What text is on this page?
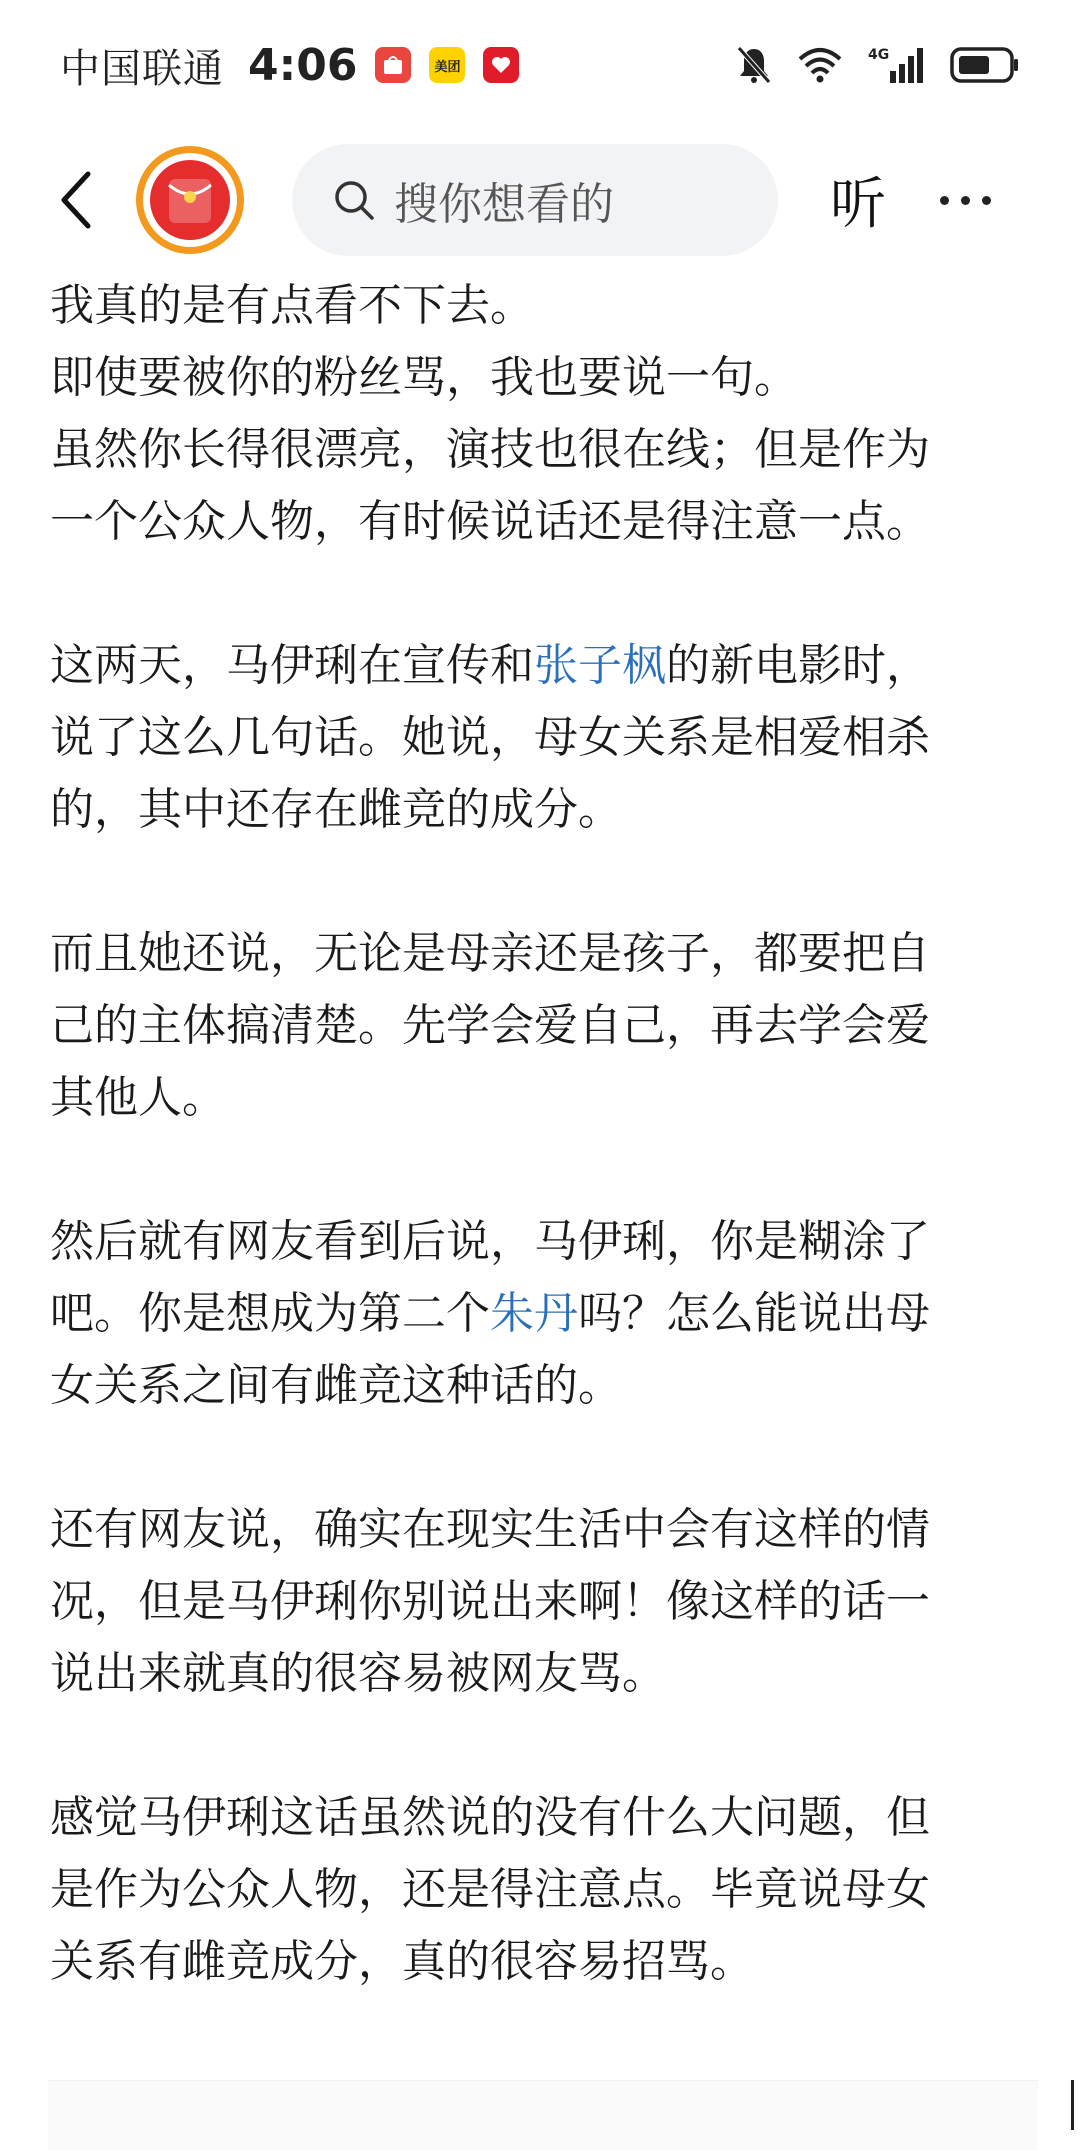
中国联通 4:06	美团
4G
搜你想看的	听
我真的是有点看不下去。
即使要被你的粉丝骂，我也要说一句。
虽然你长得很漂亮，演技也很在线；但是作为
一个公众人物，有时候说话还是得注意一点。
这两天，马伊琍在宣传和张子枫的新电影时，
说了这么几句话。她说，母女关系是相爱相杀
的，其中还存在雌竞的成分。
而且她还说，无论是母亲还是孩子，都要把自
己的主体搞清楚。先学会爱自己，再去学会爱
其他人。
然后就有网友看到后说，马伊琍，你是糊涂了
吧。你是想成为第二个朱丹吗？怎么能说出母
女关系之间有雌竞这种话的。
还有网友说，确实在现实生活中会有这样的情
况，但是马伊琍你别说出来啊！像这样的话一
说出来就真的很容易被网友骂。
感觉马伊琍这话虽然说的没有什么大问题，但
是作为公众人物，还是得注意点。毕竟说母女
关系有雌竞成分，真的很容易招骂。
